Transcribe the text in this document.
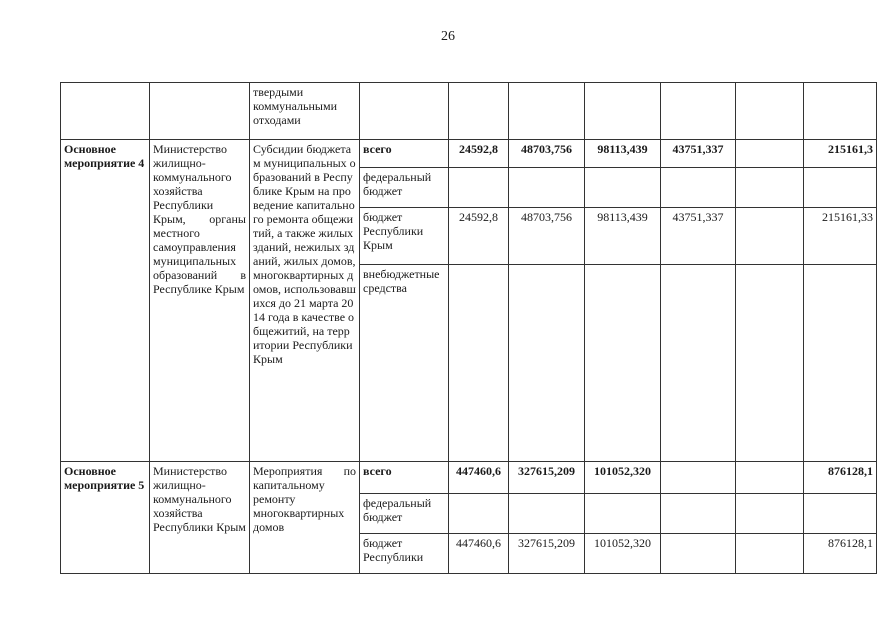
26
		твердыми коммунальными отходами							
Основное мероприятие 4	Министерство жилищно-коммунального хозяйства Республики Крым, органы местного самоуправления муниципальных образований в Республике Крым	Субсидии бюджетам муниципальных образований в Республике Крым на проведение капитального ремонта общежитий, а также жилых зданий, нежилых зданий, жилых домов, многоквартирных домов, использовавшихся до 21 марта 2014 года в качестве общежитий, на территории Республики Крым	всего	24592,8	48703,756	98113,439	43751,337		215161,3
			федеральный бюджет						
			бюджет Республики Крым	24592,8	48703,756	98113,439	43751,337		215161,33
			внебюджетные средства						
Основное мероприятие 5	Министерство жилищно-коммунального хозяйства Республики Крым	Мероприятия по капитальному ремонту многоквартирных домов	всего	447460,6	327615,209	101052,320			876128,1
			федеральный бюджет						
			бюджет Республики	447460,6	327615,209	101052,320			876128,1
